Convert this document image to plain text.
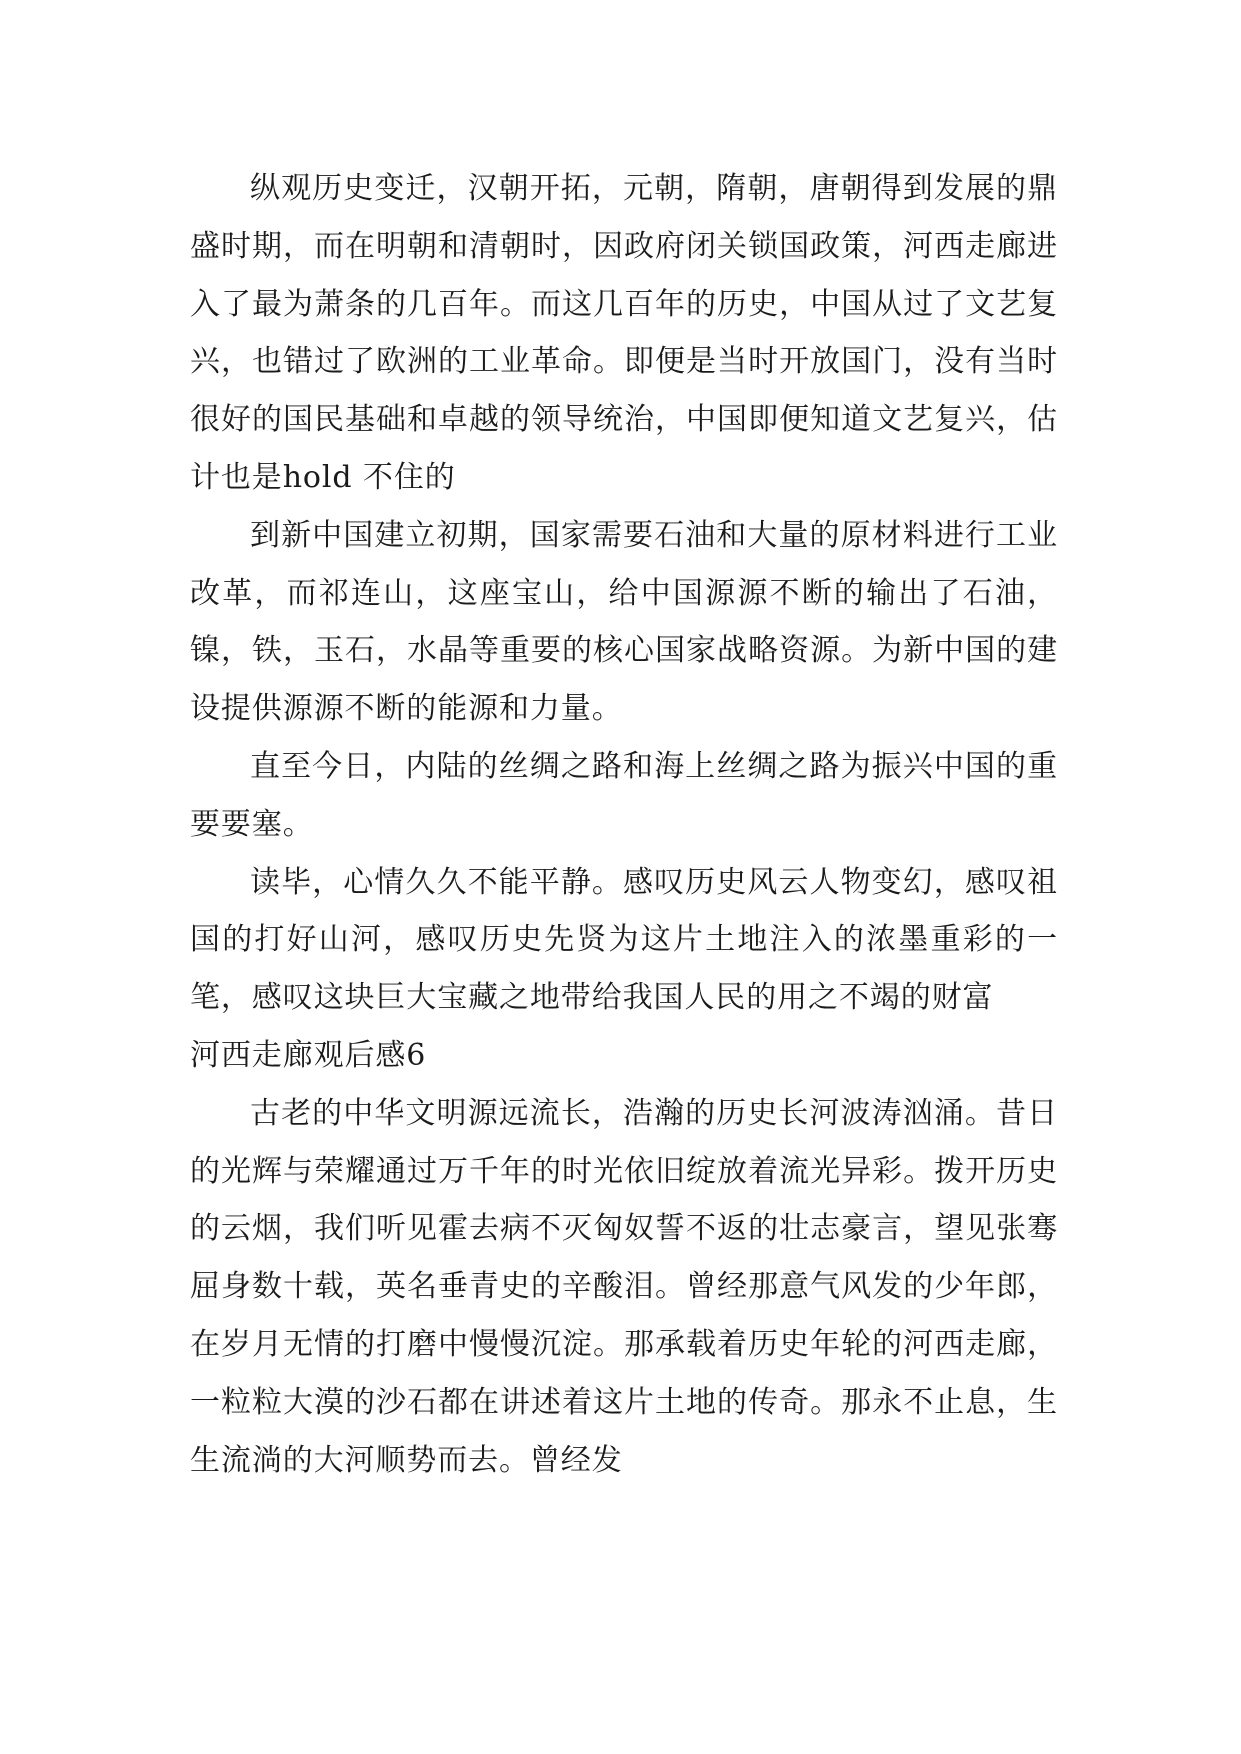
纵观历史变迁，汉朝开拓，元朝，隋朝，唐朝得到发展的鼎盛时期，而在明朝和清朝时，因政府闭关锁国政策，河西走廊进入了最为萧条的几百年。而这几百年的历史，中国从过了文艺复兴，也错过了欧洲的工业革命。即便是当时开放国门，没有当时很好的国民基础和卓越的领导统治，中国即便知道文艺复兴，估计也是hold 不住的

到新中国建立初期，国家需要石油和大量的原材料进行工业改革，而祁连山，这座宝山，给中国源源不断的输出了石油，镍，铁，玉石，水晶等重要的核心国家战略资源。为新中国的建设提供源源不断的能源和力量。

直至今日，内陆的丝绸之路和海上丝绸之路为振兴中国的重要要塞。

读毕，心情久久不能平静。感叹历史风云人物变幻，感叹祖国的打好山河，感叹历史先贤为这片土地注入的浓墨重彩的一笔，感叹这块巨大宝藏之地带给我国人民的用之不竭的财富

河西走廊观后感6

古老的中华文明源远流长，浩瀚的历史长河波涛汹涌。昔日的光辉与荣耀通过万千年的时光依旧绽放着流光异彩。拨开历史的云烟，我们听见霍去病不灭匈奴誓不返的壮志豪言，望见张骞屈身数十载，英名垂青史的辛酸泪。曾经那意气风发的少年郎，在岁月无情的打磨中慢慢沉淀。那承载着历史年轮的河西走廊，一粒粒大漠的沙石都在讲述着这片土地的传奇。那永不止息，生生流淌的大河顺势而去。曾经发
